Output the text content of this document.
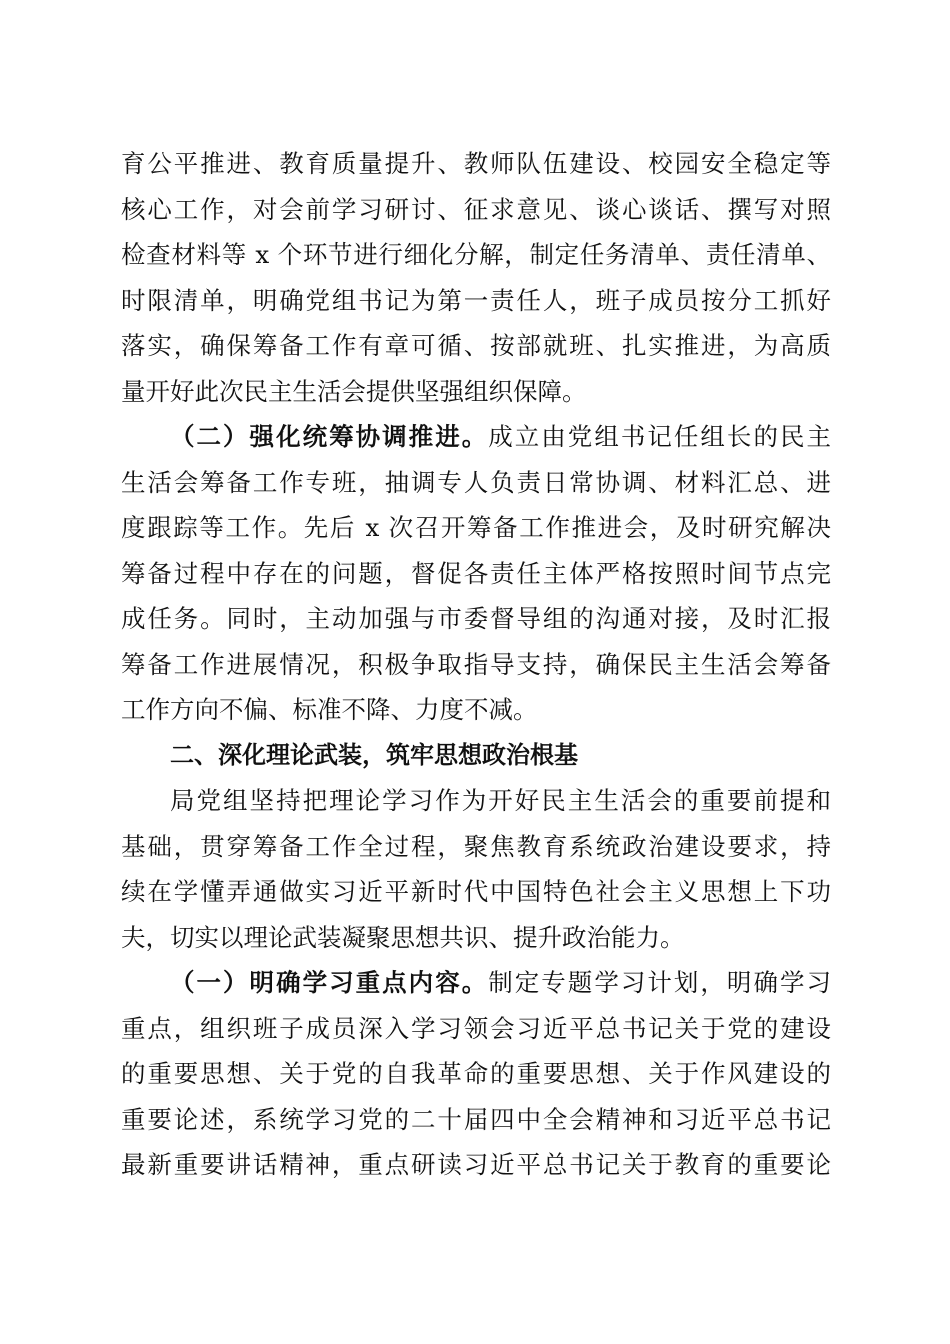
育公平推进、教育质量提升、教师队伍建设、校园安全稳定等
核心工作，对会前学习研讨、征求意见、谈心谈话、撰写对照
检查材料等 x 个环节进行细化分解，制定任务清单、责任清单、
时限清单，明确党组书记为第一责任人，班子成员按分工抓好
落实，确保筹备工作有章可循、按部就班、扎实推进，为高质
量开好此次民主生活会提供坚强组织保障。
（二）强化统筹协调推进。成立由党组书记任组长的民主
生活会筹备工作专班，抽调专人负责日常协调、材料汇总、进
度跟踪等工作。先后 x 次召开筹备工作推进会，及时研究解决
筹备过程中存在的问题，督促各责任主体严格按照时间节点完
成任务。同时，主动加强与市委督导组的沟通对接，及时汇报
筹备工作进展情况，积极争取指导支持，确保民主生活会筹备
工作方向不偏、标准不降、力度不减。
二、深化理论武装，筑牢思想政治根基
局党组坚持把理论学习作为开好民主生活会的重要前提和
基础，贯穿筹备工作全过程，聚焦教育系统政治建设要求，持
续在学懂弄通做实习近平新时代中国特色社会主义思想上下功
夫，切实以理论武装凝聚思想共识、提升政治能力。
（一）明确学习重点内容。制定专题学习计划，明确学习
重点，组织班子成员深入学习领会习近平总书记关于党的建设
的重要思想、关于党的自我革命的重要思想、关于作风建设的
重要论述，系统学习党的二十届四中全会精神和习近平总书记
最新重要讲话精神，重点研读习近平总书记关于教育的重要论
